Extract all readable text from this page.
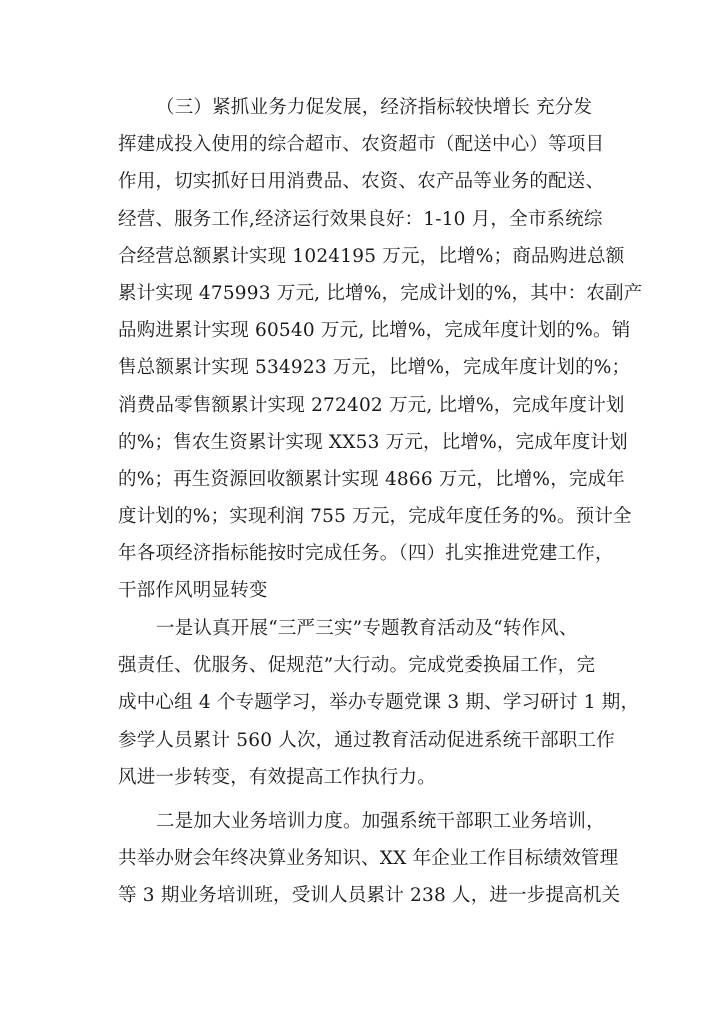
（三）紧抓业务力促发展，经济指标较快增长 充分发
挥建成投入使用的综合超市、农资超市（配送中心）等项目
作用，切实抓好日用消费品、农资、农产品等业务的配送、
经营、服务工作,经济运行效果良好：1-10 月，全市系统综
合经营总额累计实现 1024195 万元，比增%；商品购进总额
累计实现 475993 万元, 比增%，完成计划的%，其中：农副产
品购进累计实现 60540 万元, 比增%，完成年度计划的%。销
售总额累计实现 534923 万元，比增%，完成年度计划的%；
消费品零售额累计实现 272402 万元, 比增%，完成年度计划
的%；售农生资累计实现 XX53 万元，比增%，完成年度计划
的%；再生资源回收额累计实现 4866 万元，比增%，完成年
度计划的%；实现利润 755 万元，完成年度任务的%。预计全
年各项经济指标能按时完成任务。（四）扎实推进党建工作，
干部作风明显转变
一是认真开展“三严三实”专题教育活动及“转作风、
强责任、优服务、促规范”大行动。完成党委换届工作，完
成中心组 4 个专题学习，举办专题党课 3 期、学习研讨 1 期，
参学人员累计 560 人次，通过教育活动促进系统干部职工作
风进一步转变，有效提高工作执行力。
二是加大业务培训力度。加强系统干部职工业务培训，
共举办财会年终决算业务知识、XX 年企业工作目标绩效管理
等 3 期业务培训班，受训人员累计 238 人，进一步提高机关
